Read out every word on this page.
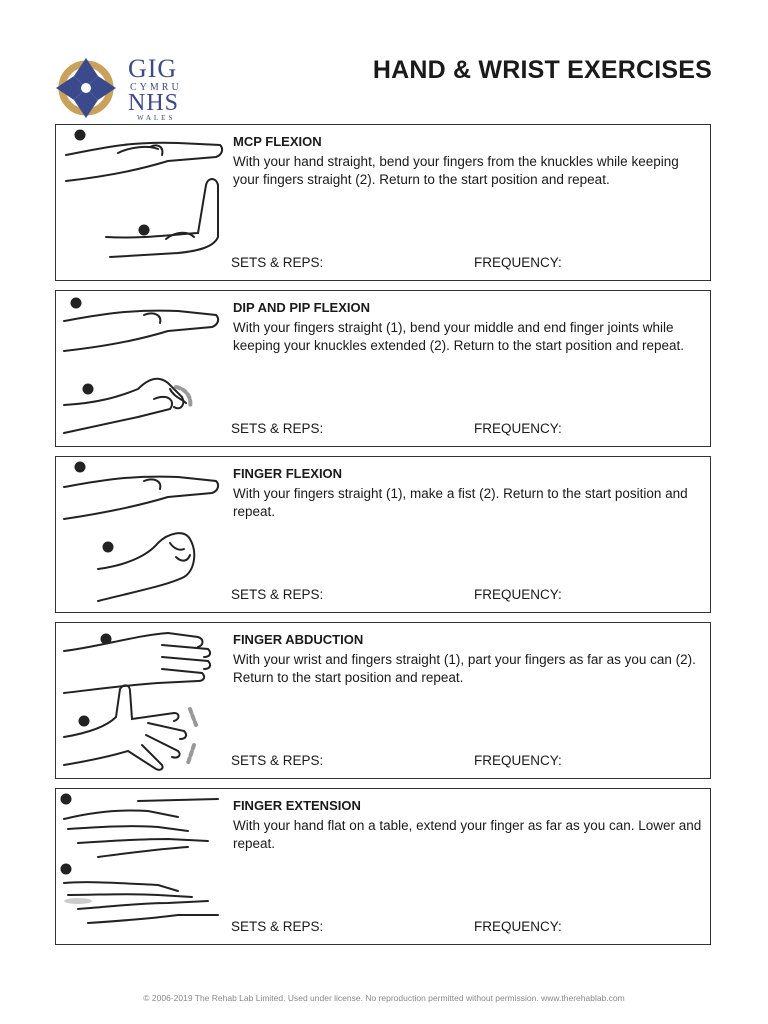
GIG
CYMRU
NHS
WALES
HAND & WRIST EXERCISES
MCP FLEXION
With your hand straight, bend your fingers from the knuckles while keeping your fingers straight (2). Return to the start position and repeat.
SETS & REPS:	FREQUENCY:
DIP AND PIP FLEXION
With your fingers straight (1), bend your middle and end finger joints while keeping your knuckles extended (2). Return to the start position and repeat.
SETS & REPS:	FREQUENCY:
FINGER FLEXION
With your fingers straight (1), make a fist (2). Return to the start position and repeat.
SETS & REPS:	FREQUENCY:
FINGER ABDUCTION
With your wrist and fingers straight (1), part your fingers as far as you can (2). Return to the start position and repeat.
SETS & REPS:	FREQUENCY:
FINGER EXTENSION
With your hand flat on a table, extend your finger as far as you can. Lower and repeat.
SETS & REPS:	FREQUENCY:
© 2006-2019 The Rehab Lab Limited. Used under license. No reproduction permitted without permission. www.therehablab.com
